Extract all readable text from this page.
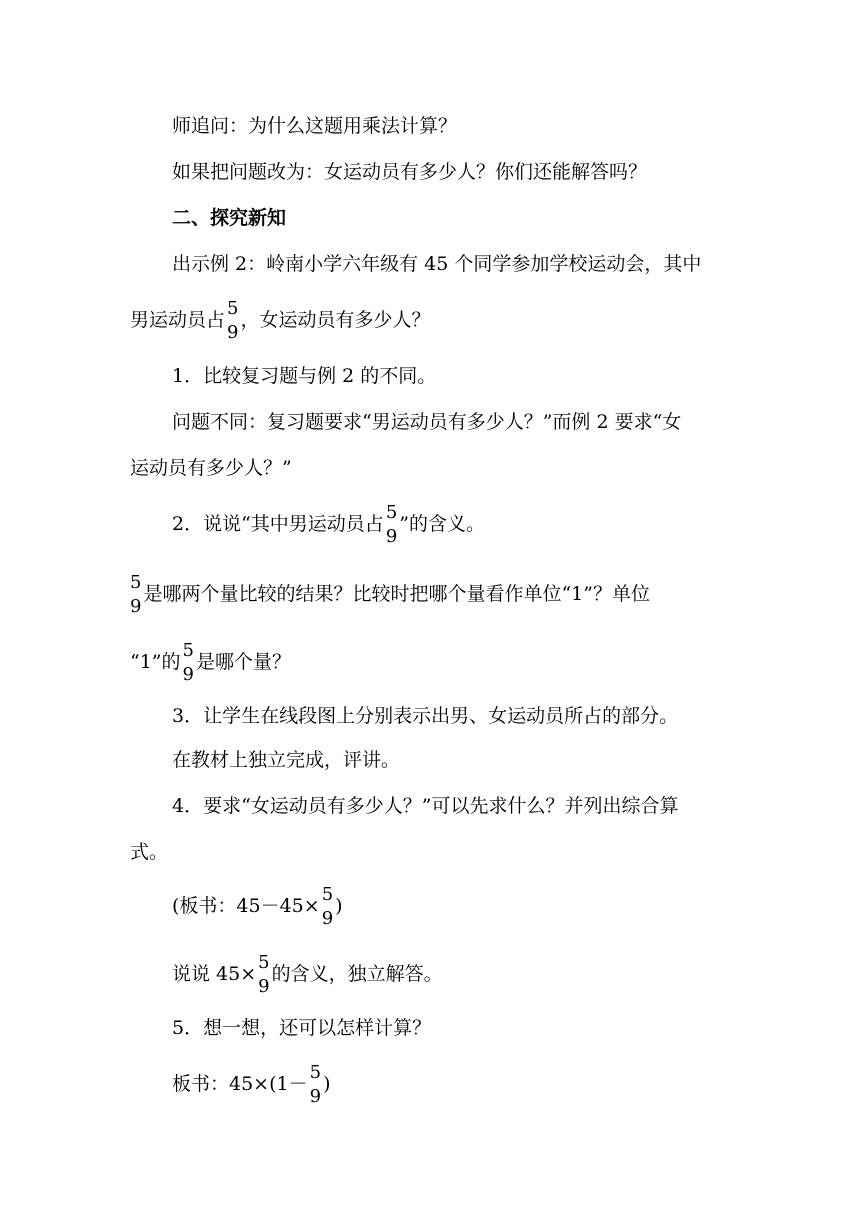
师追问：为什么这题用乘法计算？
如果把问题改为：女运动员有多少人？你们还能解答吗？
二、探究新知
出示例 2：岭南小学六年级有 45 个同学参加学校运动会，其中
男运动员占
5
9
，女运动员有多少人？
1．比较复习题与例 2 的不同。
问题不同：复习题要求“男运动员有多少人？”而例 2 要求“女
运动员有多少人？”
2．说说“其中男运动员占
5
9
”的含义。
5
9
是哪两个量比较的结果？比较时把哪个量看作单位“1”？单位
“1”的
5
9
是哪个量？
3．让学生在线段图上分别表示出男、女运动员所占的部分。
在教材上独立完成，评讲。
4．要求“女运动员有多少人？”可以先求什么？并列出综合算
式。
(板书：45－45×
5
9
)
说说 45×
5
9
的含义，独立解答。
5．想一想，还可以怎样计算？
板书：45×(1－
5
9
)
